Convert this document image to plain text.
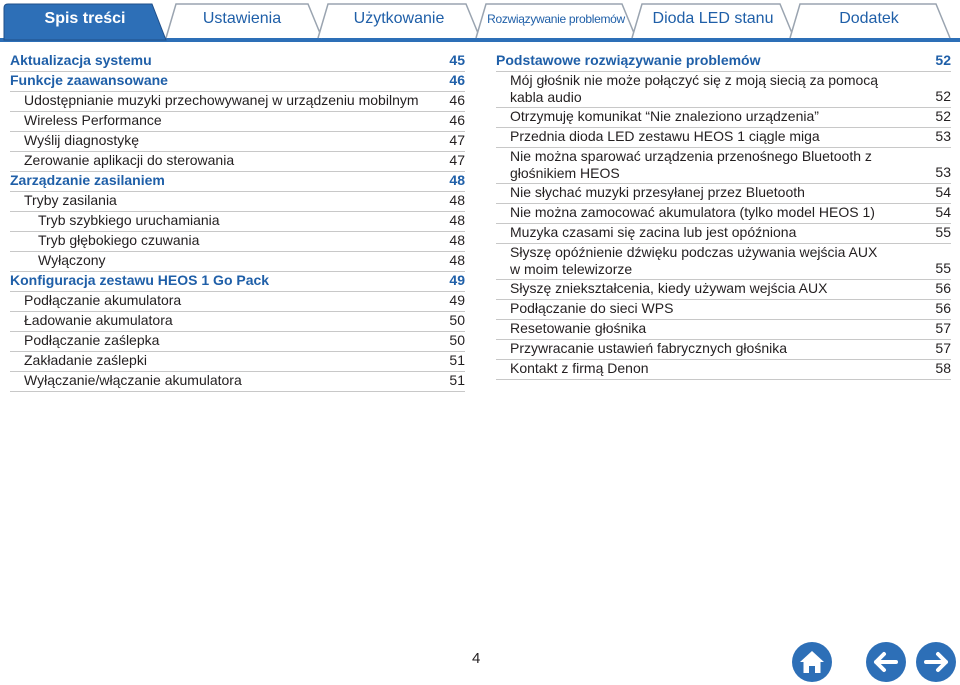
Spis treści	Ustawienia	Użytkowanie	Rozwiązywanie problemów	Dioda LED stanu	Dodatek
Aktualizacja systemu	45
Funkcje zaawansowane	46
Udostępnianie muzyki przechowywanej w urządzeniu mobilnym 46
Wireless Performance	46
Wyślij diagnostykę	47
Zerowanie aplikacji do sterowania	47
Zarządzanie zasilaniem	48
Tryby zasilania	48
Tryb szybkiego uruchamiania	48
Tryb głębokiego czuwania	48
Wyłączony	48
Konfiguracja zestawu HEOS 1 Go Pack	49
Podłączanie akumulatora	49
Ładowanie akumulatora	50
Podłączanie zaślepka	50
Zakładanie zaślepki	51
Wyłączanie/włączanie akumulatora	51
Podstawowe rozwiązywanie problemów	52
Mój głośnik nie może połączyć się z moją siecią za pomocą kabla audio	52
Otrzymuję komunikat “Nie znaleziono urządzenia”	52
Przednia dioda LED zestawu HEOS 1 ciągle miga	53
Nie można sparować urządzenia przenośnego Bluetooth z głośnikiem HEOS	53
Nie słychać muzyki przesyłanej przez Bluetooth	54
Nie można zamocować akumulatora (tylko model HEOS 1)	54
Muzyka czasami się zacina lub jest opóźniona	55
Słyszę opóźnienie dźwięku podczas używania wejścia AUX w moim telewizorze	55
Słyszę zniekształcenia, kiedy używam wejścia AUX	56
Podłączanie do sieci WPS	56
Resetowanie głośnika	57
Przywracanie ustawień fabrycznych głośnika	57
Kontakt z firmą Denon	58
4
